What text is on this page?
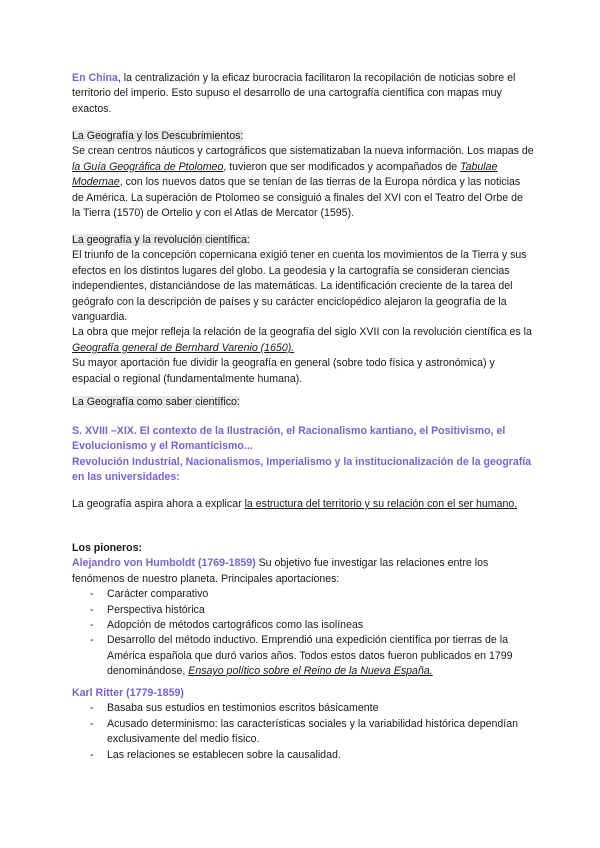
En China, la centralización y la eficaz burocracia facilitaron la recopilación de noticias sobre el territorio del imperio. Esto supuso el desarrollo de una cartografía científica con mapas muy exactos.

La Geografía y los Descubrimientos:

Se crean centros náuticos y cartográficos que sistematizaban la nueva información. Los mapas de la Guía Geográfica de Ptolomeo, tuvieron que ser modificados y acompañados de Tabulae Modernae, con los nuevos datos que se tenían de las tierras de la Europa nórdica y las noticias de América. La superación de Ptolomeo se consiguió a finales del XVI con el Teatro del Orbe de la Tierra (1570) de Ortelio y con el Atlas de Mercator (1595).

La geografía y la revolución científica:

El triunfo de la concepción copernicana exigió tener en cuenta los movimientos de la Tierra y sus efectos en los distintos lugares del globo. La geodesia y la cartografía se consideran ciencias independientes, distanciándose de las matemáticas. La identificación creciente de la tarea del geógrafo con la descripción de países y su carácter enciclopédico alejaron la geografía de la vanguardia.

La obra que mejor refleja la relación de la geografía del siglo XVII con la revolución científica es la Geografía general de Bernhard Varenio (1650).

Su mayor aportación fue dividir la geografía en general (sobre todo física y astronómica) y espacial o regional (fundamentalmente humana).

La Geografía como saber científico:

S. XVIII –XIX. El contexto de la Ilustración, el Racionalismo kantiano, el Positivismo, el Evolucionismo y el Romanticismo...

Revolución Industrial, Nacionalismos, Imperialismo y la institucionalización de la geografía en las universidades:

La geografía aspira ahora a explicar la estructura del territorio y su relación con el ser humano.

Los pioneros:

Alejandro von Humboldt (1769-1859) Su objetivo fue investigar las relaciones entre los fenómenos de nuestro planeta. Principales aportaciones:

- Carácter comparativo
- Perspectiva histórica
- Adopción de métodos cartográficos como las isolíneas
- Desarrollo del método inductivo. Emprendió una expedición científica por tierras de la América española que duró varios años. Todos estos datos fueron publicados en 1799 denominándose, Ensayo político sobre el Reino de la Nueva España.

Karl Ritter (1779-1859)

- Basaba sus estudios en testimonios escritos básicamente
- Acusado determinismo: las características sociales y la variabilidad histórica dependían exclusivamente del medio físico.
- Las relaciones se establecen sobre la causalidad.
